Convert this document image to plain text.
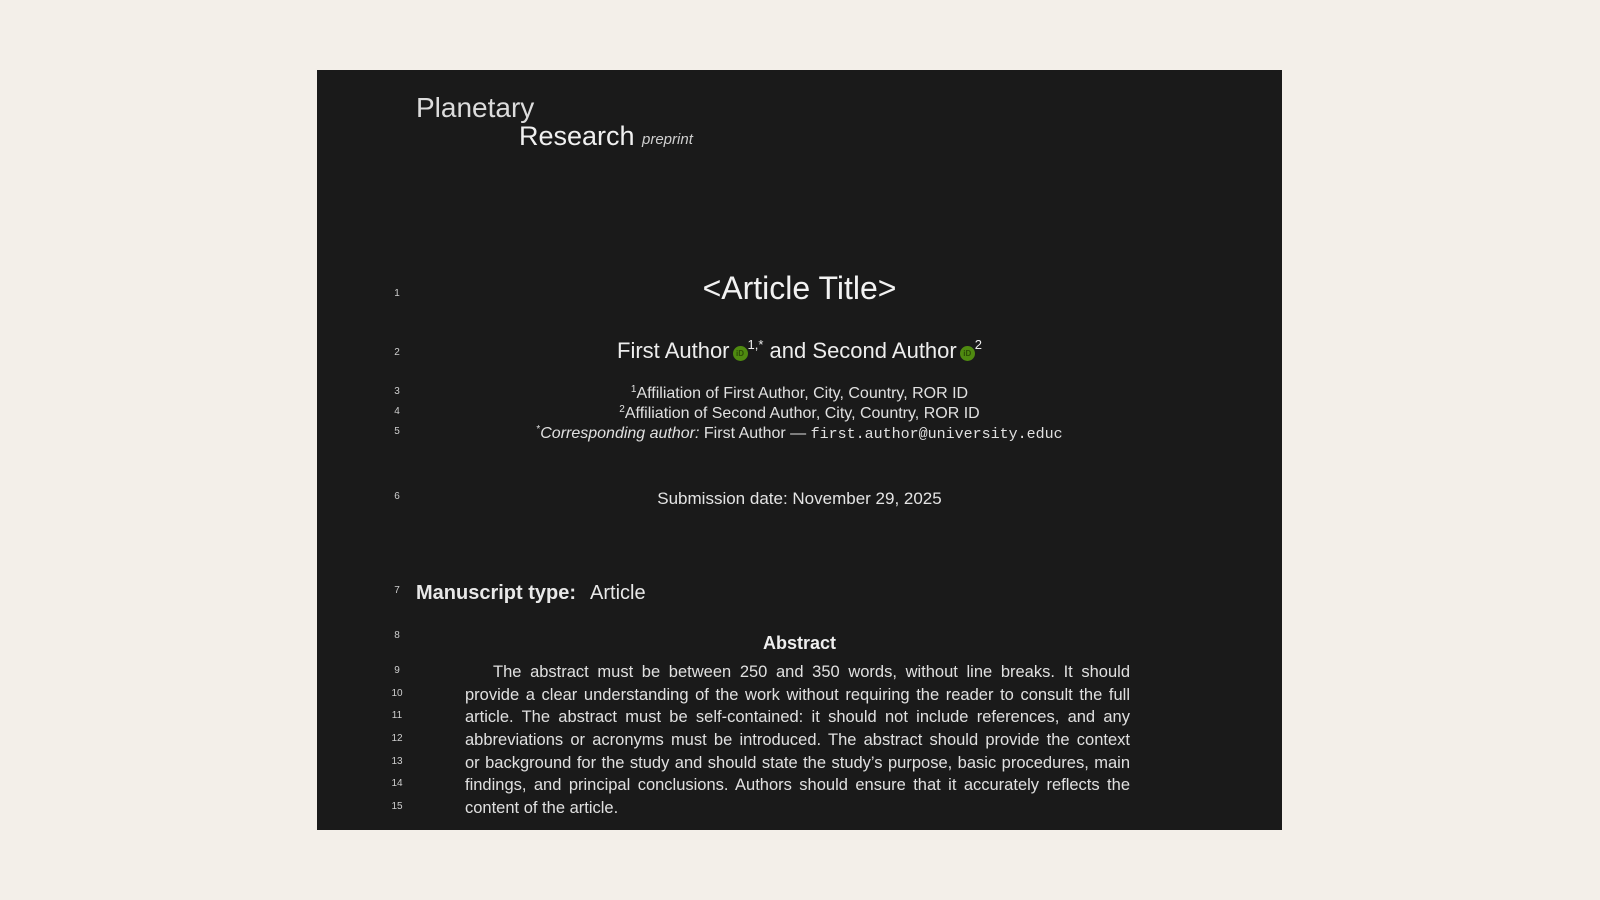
Planetary
Research preprint
1
2
3
4
5
6
7
8
9
10
11
12
13
14
15
<Article Title>
First Author $iD^{1,*}$ and Second Author $iD^2$
$^1$Affiliation of First Author, City, Country, ROR ID
$^2$Affiliation of Second Author, City, Country, ROR ID
*Corresponding author: First Author — first.author@university.educ
Submission date: November 29, 2025
Manuscript type: Article
Abstract
The abstract must be between 250 and 350 words, without line breaks. It should
provide a clear understanding of the work without requiring the reader to consult the full
article. The abstract must be self-contained: it should not include references, and any
abbreviations or acronyms must be introduced. The abstract should provide the context
or background for the study and should state the study’s purpose, basic procedures, main
findings, and principal conclusions. Authors should ensure that it accurately reflects the
content of the article.
